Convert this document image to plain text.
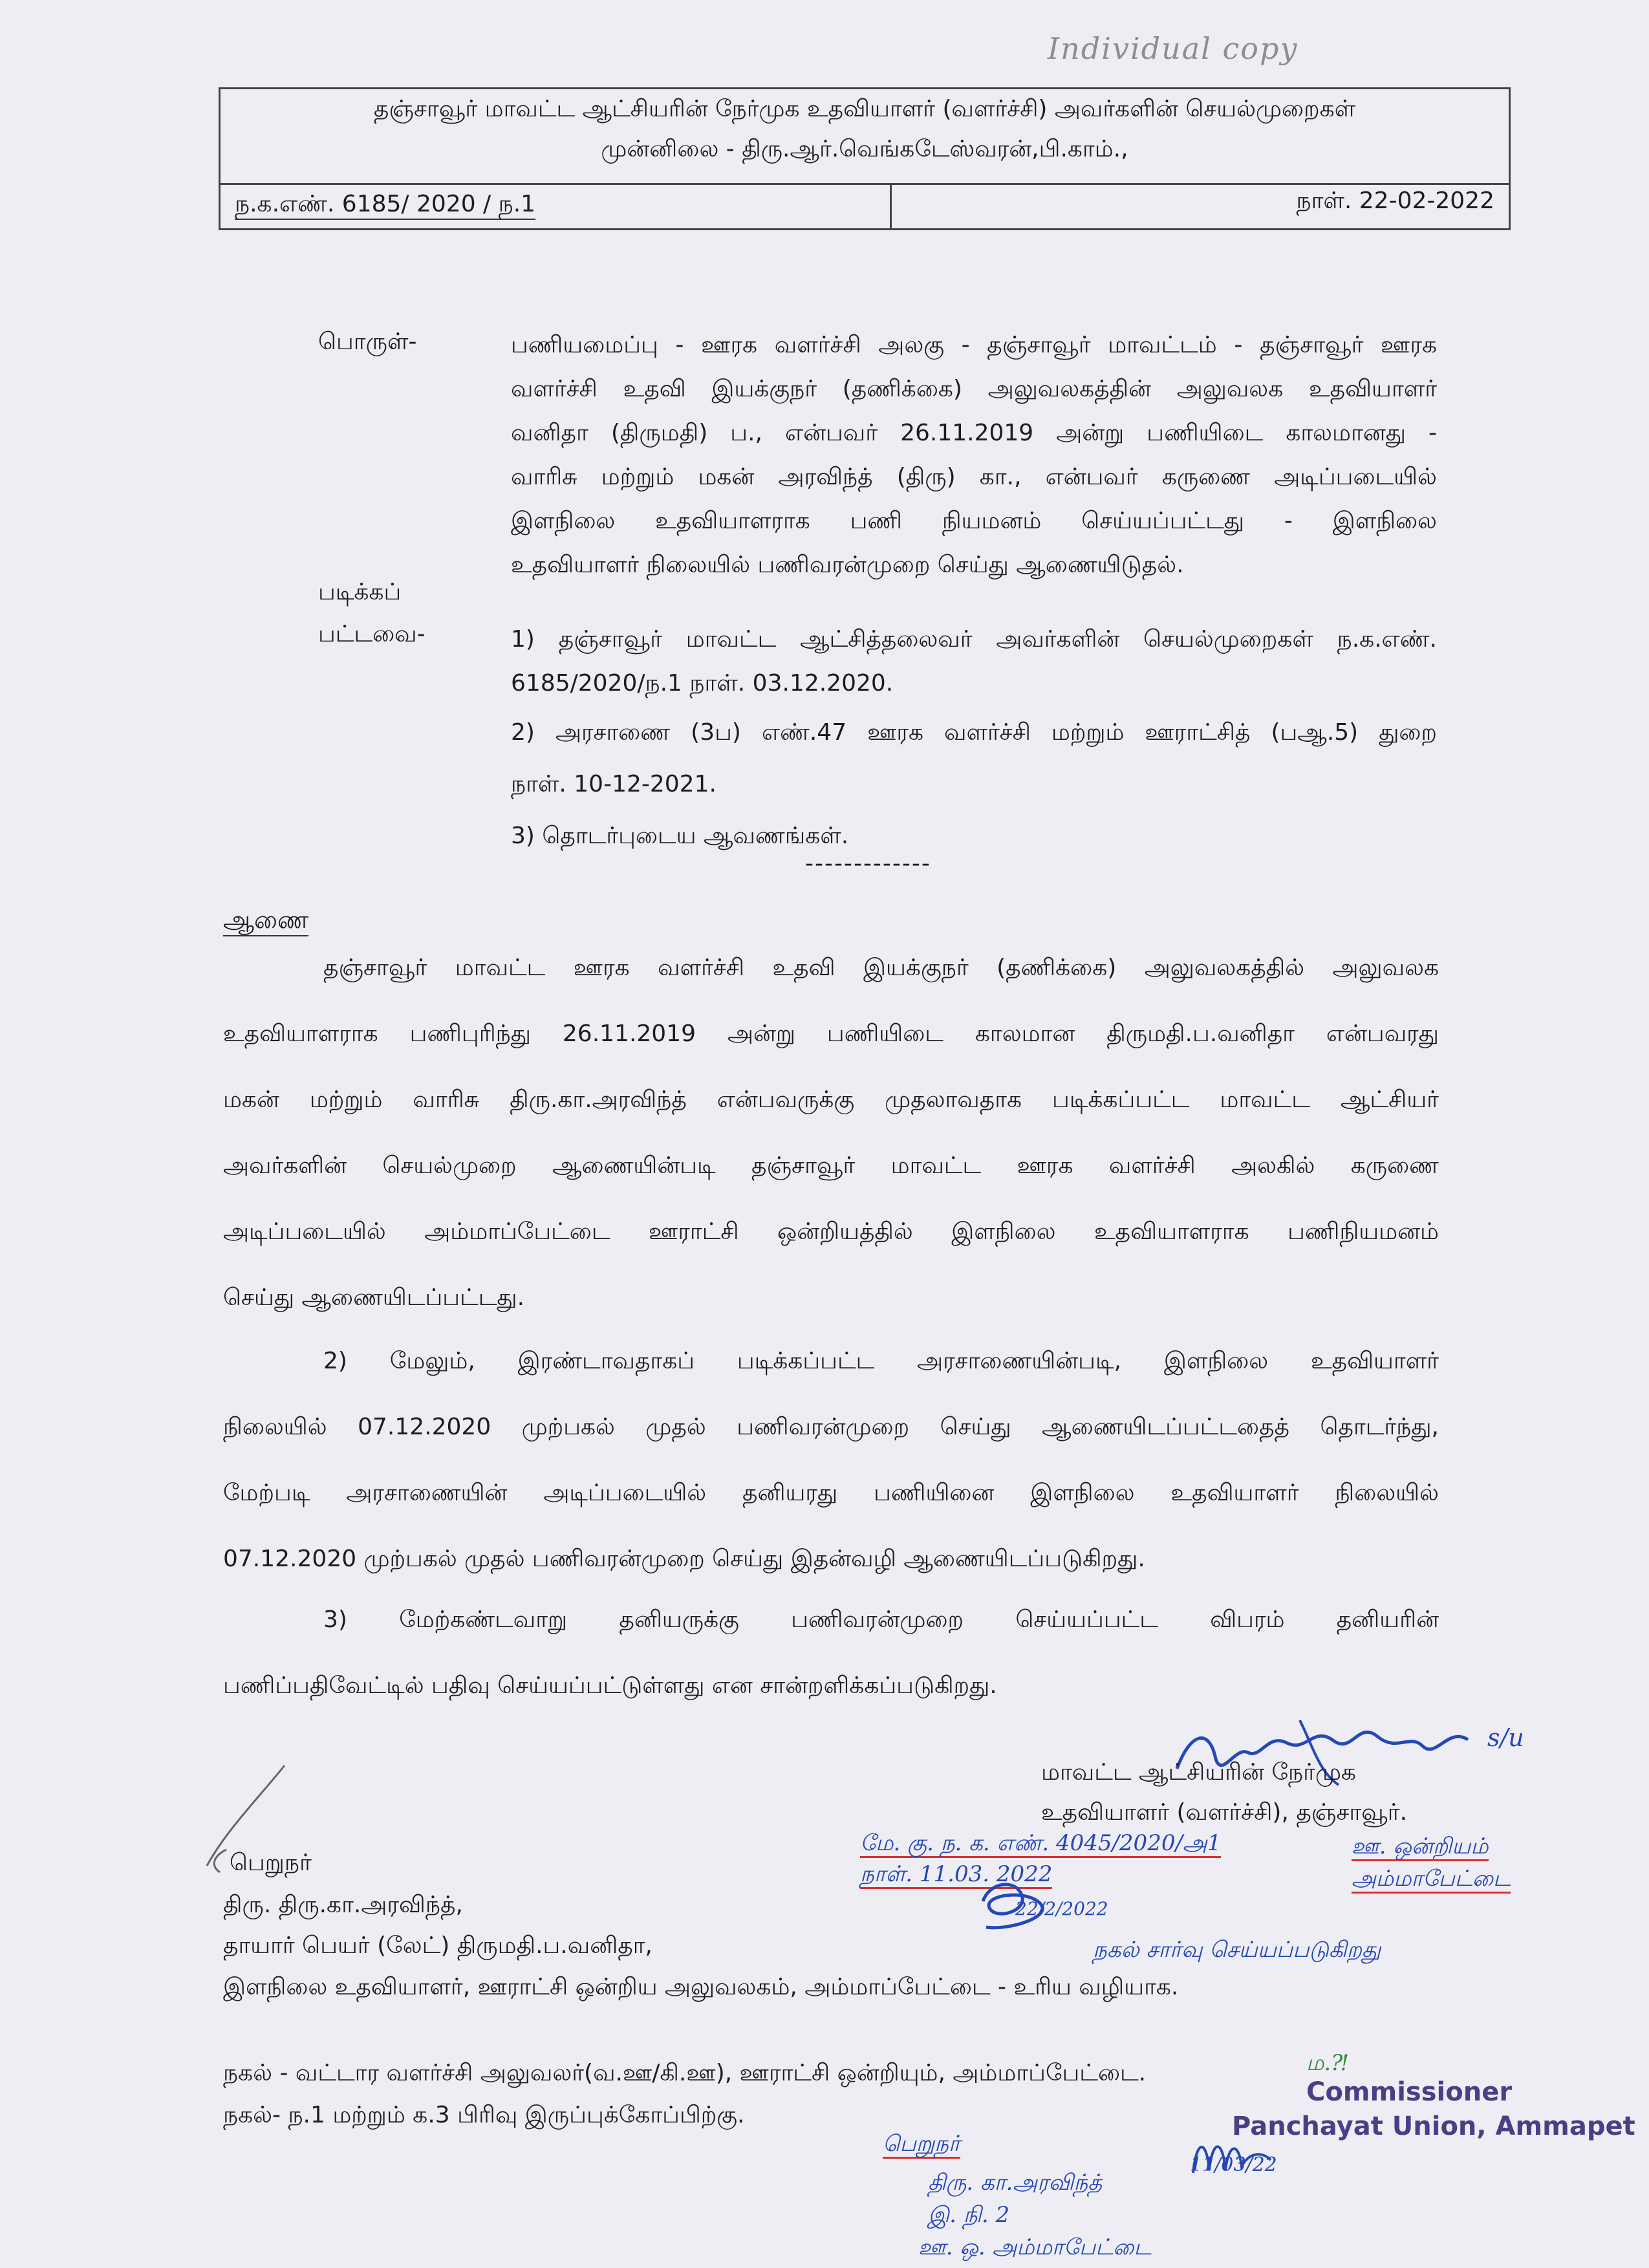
Individual copy
தஞ்சாவூர் மாவட்ட ஆட்சியரின் நேர்முக உதவியாளர் (வளர்ச்சி) அவர்களின் செயல்முறைகள்
முன்னிலை - திரு.ஆர்.வெங்கடேஸ்வரன்,பி.காம்.,
ந.க.எண். 6185/ 2020 / ந.1	நாள். 22-02-2022
பொருள்-	பணியமைப்பு - ஊரக வளர்ச்சி அலகு - தஞ்சாவூர் மாவட்டம் - தஞ்சாவூர் ஊரக
வளர்ச்சி உதவி இயக்குநர் (தணிக்கை) அலுவலகத்தின் அலுவலக உதவியாளர்
வனிதா (திருமதி) ப., என்பவர் 26.11.2019 அன்று பணியிடை காலமானது -
வாரிசு மற்றும் மகன் அரவிந்த் (திரு) கா., என்பவர் கருணை அடிப்படையில்
இளநிலை உதவியாளராக பணி நியமனம் செய்யப்பட்டது - இளநிலை
உதவியாளர் நிலையில் பணிவரன்முறை செய்து ஆணையிடுதல்.
படிக்கப்
பட்டவை-	1) தஞ்சாவூர் மாவட்ட ஆட்சித்தலைவர் அவர்களின் செயல்முறைகள் ந.க.எண்.
6185/2020/ந.1 நாள். 03.12.2020.
2) அரசாணை (3ப) எண்.47 ஊரக வளர்ச்சி மற்றும் ஊராட்சித் (பஆ.5) துறை
நாள். 10-12-2021.
3) தொடர்புடைய ஆவணங்கள்.
-------------
ஆணை
தஞ்சாவூர் மாவட்ட ஊரக வளர்ச்சி உதவி இயக்குநர் (தணிக்கை) அலுவலகத்தில் அலுவலக
உதவியாளராக பணிபுரிந்து 26.11.2019 அன்று பணியிடை காலமான திருமதி.ப.வனிதா என்பவரது
மகன் மற்றும் வாரிசு திரு.கா.அரவிந்த் என்பவருக்கு முதலாவதாக படிக்கப்பட்ட மாவட்ட ஆட்சியர்
அவர்களின் செயல்முறை ஆணையின்படி தஞ்சாவூர் மாவட்ட ஊரக வளர்ச்சி அலகில் கருணை
அடிப்படையில் அம்மாப்பேட்டை ஊராட்சி ஒன்றியத்தில் இளநிலை உதவியாளராக பணிநியமனம்
செய்து ஆணையிடப்பட்டது.
2) மேலும், இரண்டாவதாகப் படிக்கப்பட்ட அரசாணையின்படி, இளநிலை உதவியாளர்
நிலையில் 07.12.2020 முற்பகல் முதல் பணிவரன்முறை செய்து ஆணையிடப்பட்டதைத் தொடர்ந்து,
மேற்படி அரசாணையின் அடிப்படையில் தனியரது பணியினை இளநிலை உதவியாளர் நிலையில்
07.12.2020 முற்பகல் முதல் பணிவரன்முறை செய்து இதன்வழி ஆணையிடப்படுகிறது.
3) மேற்கண்டவாறு தனியருக்கு பணிவரன்முறை செய்யப்பட்ட விபரம் தனியரின்
பணிப்பதிவேட்டில் பதிவு செய்யப்பட்டுள்ளது என சான்றளிக்கப்படுகிறது.
s/u
மாவட்ட ஆட்சியரின் நேர்முக
உதவியாளர் (வளர்ச்சி), தஞ்சாவூர்.
பெறுநர்
திரு. திரு.கா.அரவிந்த்,
தாயார் பெயர் (லேட்) திருமதி.ப.வனிதா,
இளநிலை உதவியாளர், ஊராட்சி ஒன்றிய அலுவலகம், அம்மாப்பேட்டை - உரிய வழியாக.
மே. கு. ந. க. எண். 4045/2020/அ1
நாள். 11.03. 2022
ஊ. ஒன்றியம்
அம்மாபேட்டை
22/2/2022
நகல் சார்வு செய்யப்படுகிறது
நகல் - வட்டார வளர்ச்சி அலுவலர்(வ.ஊ/கி.ஊ), ஊராட்சி ஒன்றியும், அம்மாப்பேட்டை.
நகல்- ந.1 மற்றும் க.3 பிரிவு இருப்புக்கோப்பிற்கு.
பெறுநர்
திரு. கா.அரவிந்த்
இ. நி. 2
ஊ. ஒ. அம்மாபேட்டை
11/03/22
ம.⁈
Commissioner
Panchayat Union, Ammapet
